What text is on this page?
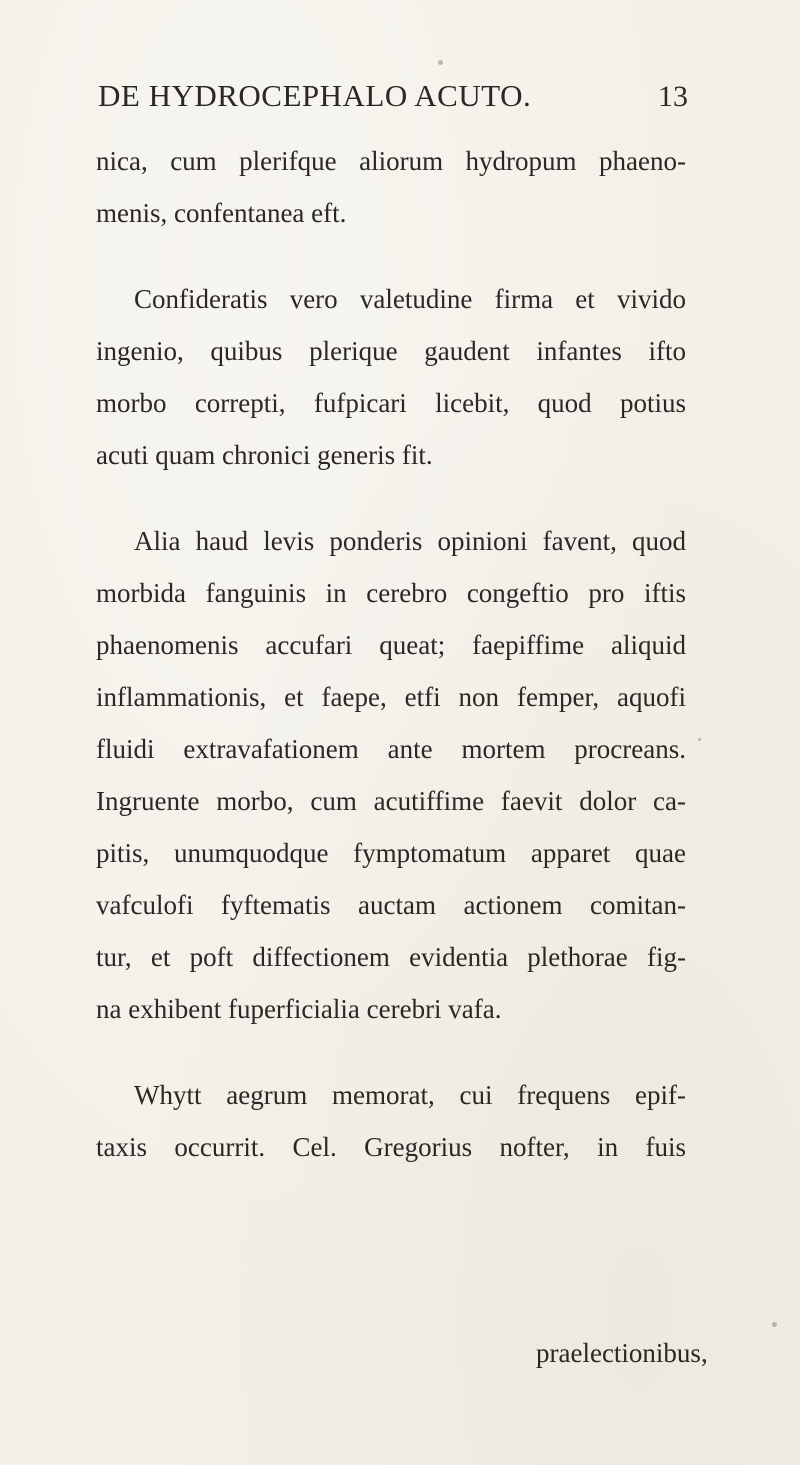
DE HYDROCEPHALO ACUTO.	13
nica, cum plerifque aliorum hydropum phaeno-
menis, confentanea eft.
Confideratis vero valetudine firma et vivido
ingenio, quibus plerique gaudent infantes ifto
morbo correpti, fufpicari licebit, quod potius
acuti quam chronici generis fit.
Alia haud levis ponderis opinioni favent, quod
morbida fanguinis in cerebro congeftio pro iftis
phaenomenis accufari queat; faepiffime aliquid
inflammationis, et faepe, etfi non femper, aquofi
fluidi extravafationem ante mortem procreans.
Ingruente morbo, cum acutiffime faevit dolor ca-
pitis, unumquodque fymptomatum apparet quae
vafculofi fyftematis auctam actionem comitan-
tur, et poft diffectionem evidentia plethorae fig-
na exhibent fuperficialia cerebri vafa.
Whytt aegrum memorat, cui frequens epif-
taxis occurrit. Cel. Gregorius nofter, in fuis
praelectionibus,
